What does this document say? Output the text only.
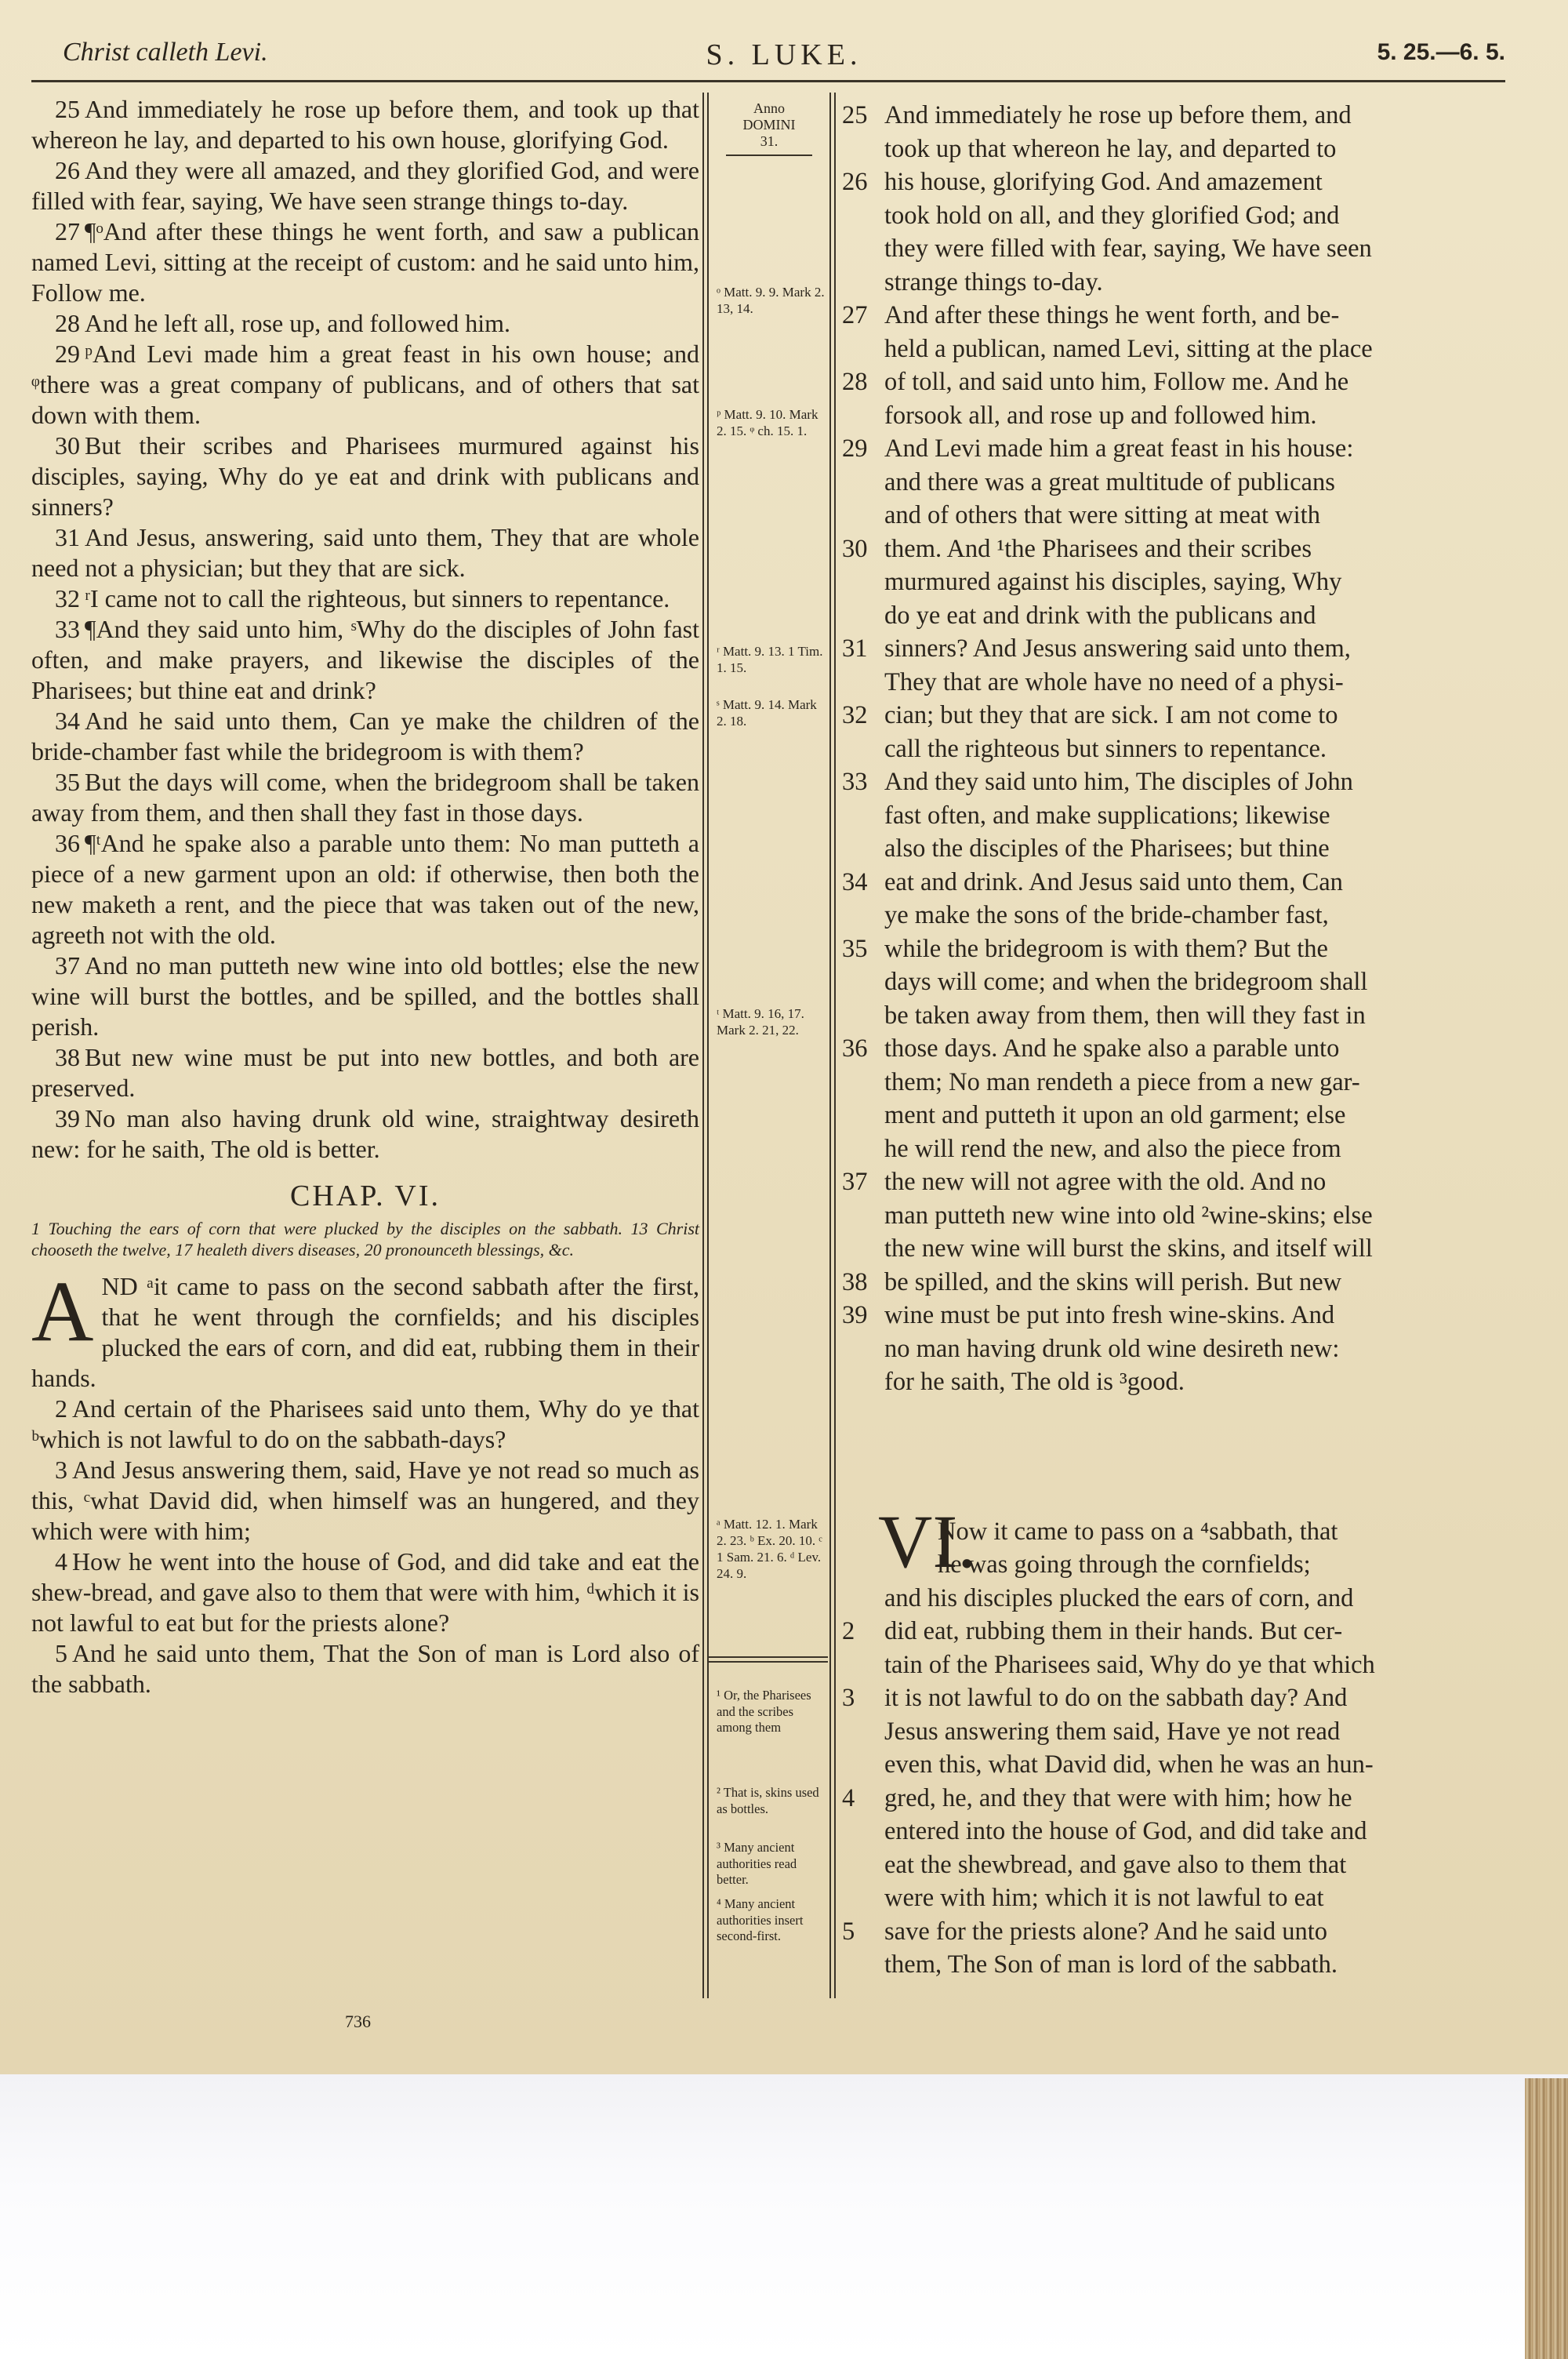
Christ calleth Levi.	S. LUKE.	5. 25.—6. 5.

25 And immediately he rose up before them, and took up that whereon he lay, and departed to his own house, glorifying God.

26 And they were all amazed, and they glorified God, and were filled with fear, saying, We have seen strange things to-day.

27 ¶ᵒAnd after these things he went forth, and saw a publican named Levi, sitting at the receipt of custom: and he said unto him, Follow me.

28 And he left all, rose up, and followed him.

29 ᵖAnd Levi made him a great feast in his own house; and ᵠthere was a great company of publicans, and of others that sat down with them.

30 But their scribes and Pharisees murmured against his disciples, saying, Why do ye eat and drink with publicans and sinners?

31 And Jesus, answering, said unto them, They that are whole need not a physician; but they that are sick.

32 ʳI came not to call the righteous, but sinners to repentance.

33 ¶And they said unto him, ˢWhy do the disciples of John fast often, and make prayers, and likewise the disciples of the Pharisees; but thine eat and drink?

34 And he said unto them, Can ye make the children of the bride-chamber fast while the bridegroom is with them?

35 But the days will come, when the bridegroom shall be taken away from them, and then shall they fast in those days.

36 ¶ᵗAnd he spake also a parable unto them: No man putteth a piece of a new garment upon an old: if otherwise, then both the new maketh a rent, and the piece that was taken out of the new, agreeth not with the old.

37 And no man putteth new wine into old bottles; else the new wine will burst the bottles, and be spilled, and the bottles shall perish.

38 But new wine must be put into new bottles, and both are preserved.

39 No man also having drunk old wine, straightway desireth new: for he saith, The old is better.

CHAP. VI.
1 Touching the ears of corn that were plucked by the disciples on the sabbath. 13 Christ chooseth the twelve, 17 healeth divers diseases, 20 pronounceth blessings, &c.

AND ᵃit came to pass on the second sabbath after the first, that he went through the cornfields; and his disciples plucked the ears of corn, and did eat, rubbing them in their hands.

2 And certain of the Pharisees said unto them, Why do ye that ᵇwhich is not lawful to do on the sabbath-days?

3 And Jesus answering them, said, Have ye not read so much as this, ᶜwhat David did, when himself was an hungered, and they which were with him;

4 How he went into the house of God, and did take and eat the shew-bread, and gave also to them that were with him, ᵈwhich it is not lawful to eat but for the priests alone?

5 And he said unto them, That the Son of man is Lord also of the sabbath.

Anno
DOMINI
31.
ᵒ Matt. 9. 9. Mark 2. 13, 14.
ᵖ Matt. 9. 10. Mark 2. 15. ᵠ ch. 15. 1.
ʳ Matt. 9. 13. 1 Tim. 1. 15.
ˢ Matt. 9. 14. Mark 2. 18.
ᵗ Matt. 9. 16, 17. Mark 2. 21, 22.
ᵃ Matt. 12. 1. Mark 2. 23. ᵇ Ex. 20. 10. ᶜ 1 Sam. 21. 6. ᵈ Lev. 24. 9.
¹ Or, the Pharisees and the scribes among them
² That is, skins used as bottles.
³ Many ancient authorities read better.
⁴ Many ancient authorities insert second-first.

25 And immediately he rose up before them, and

took up that whereon he lay, and departed to

26 his house, glorifying God. And amazement

took hold on all, and they glorified God; and

they were filled with fear, saying, We have seen

strange things to-day.

27 And after these things he went forth, and be-

held a publican, named Levi, sitting at the place

28 of toll, and said unto him, Follow me. And he

forsook all, and rose up and followed him.

29 And Levi made him a great feast in his house:

and there was a great multitude of publicans

and of others that were sitting at meat with

30 them. And ¹the Pharisees and their scribes

murmured against his disciples, saying, Why

do ye eat and drink with the publicans and

31 sinners? And Jesus answering said unto them,

They that are whole have no need of a physi-

32 cian; but they that are sick. I am not come to

call the righteous but sinners to repentance.

33 And they said unto him, The disciples of John

fast often, and make supplications; likewise

also the disciples of the Pharisees; but thine

34 eat and drink. And Jesus said unto them, Can

ye make the sons of the bride-chamber fast,

35 while the bridegroom is with them? But the

days will come; and when the bridegroom shall

be taken away from them, then will they fast in

36 those days. And he spake also a parable unto

them; No man rendeth a piece from a new gar-

ment and putteth it upon an old garment; else

he will rend the new, and also the piece from

37 the new will not agree with the old. And no

man putteth new wine into old ²wine-skins; else

the new wine will burst the skins, and itself will

38 be spilled, and the skins will perish. But new

39 wine must be put into fresh wine-skins. And

no man having drunk old wine desireth new:

for he saith, The old is ³good.

VI.

Now it came to pass on a ⁴sabbath, that

he was going through the cornfields;

and his disciples plucked the ears of corn, and

2 did eat, rubbing them in their hands. But cer-

tain of the Pharisees said, Why do ye that which

3 it is not lawful to do on the sabbath day? And

Jesus answering them said, Have ye not read

even this, what David did, when he was an hun-

4 gred, he, and they that were with him; how he

entered into the house of God, and did take and

eat the shewbread, and gave also to them that

were with him; which it is not lawful to eat

5 save for the priests alone? And he said unto

them, The Son of man is lord of the sabbath.

736
